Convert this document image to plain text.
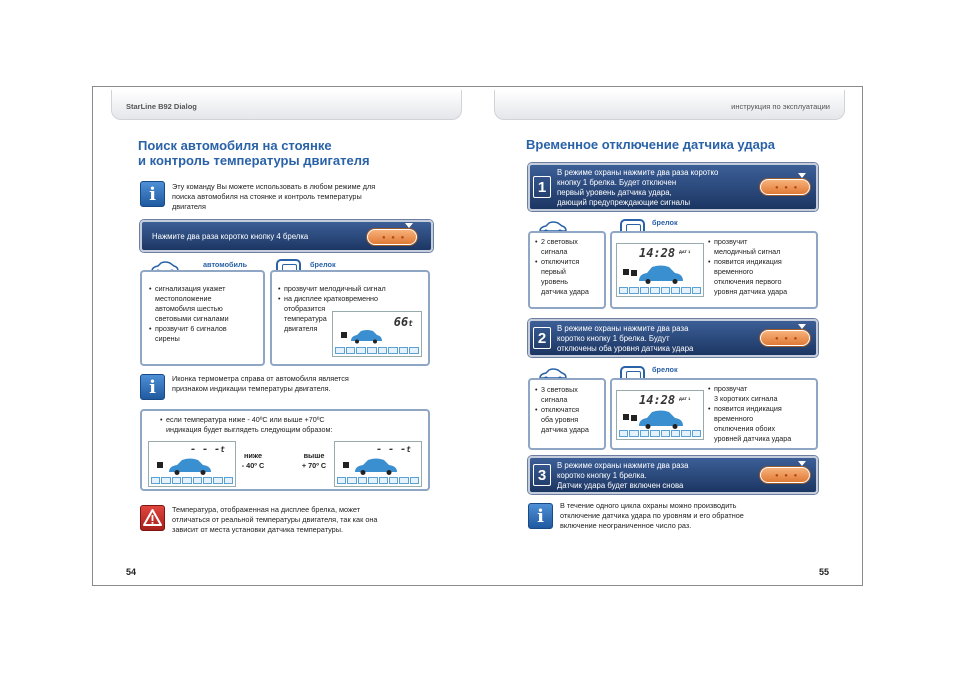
StarLine B92 Dialog
Поиск автомобиля на стоянке
и контроль температуры двигателя
i	Эту команду Вы можете использовать в любом режиме для
поиска автомобиля на стоянке и контроль температуры
двигателя
Нажмите два раза коротко кнопку 4 брелка	● ● ●
автомобиль
• сигнализация укажет
местоположение
автомобиля шестью
световыми сигналами
• прозвучит 6 сигналов
сирены
брелок
• прозвучит мелодичный сигнал
• на дисплее кратковременно
отобразится
температура
двигателя	66t
i	Иконка термометра справа от автомобиля является
признаком индикации температуры двигателя.
• если температура ниже - 40ºС или выше +70ºС
индикация будет выглядеть следующим образом:
- - -t
ниже
- 40º С
выше
+ 70º С
- - -t
Температура, отображенная на дисплее брелка, может
отличаться от реальной температуры двигателя, так как она
зависит от места установки датчика температуры.
54
инструкция по эксплуатации
Временное отключение датчика удара
1
В режиме охраны нажмите два раза коротко
кнопку 1 брелка. Будет отключен
первый уровень датчика удара,
дающий предупреждающие сигналы
● ● ●
брелок
• 2 световых
сигнала
• отключится
первый
уровень
датчика удара
14:28 ДАТ 1
• прозвучит
мелодичный сигнал
• появится индикация
временного
отключения первого
уровня датчика удара
2
В режиме охраны нажмите два раза
коротко кнопку 1 брелка. Будут
отключены оба уровня датчика удара
● ● ●
брелок
• 3 световых
сигнала
• отключатся
оба уровня
датчика удара
14:28 ДАТ 1
• прозвучат
3 коротких сигнала
• появится индикация
временного
отключения обоих
уровней датчика удара
3
В режиме охраны нажмите два раза
коротко кнопку 1 брелка.
Датчик удара будет включен снова
● ● ●
i	В течение одного цикла охраны можно производить
отключение датчика удара по уровням и его обратное
включение неограниченное число раз.
55
